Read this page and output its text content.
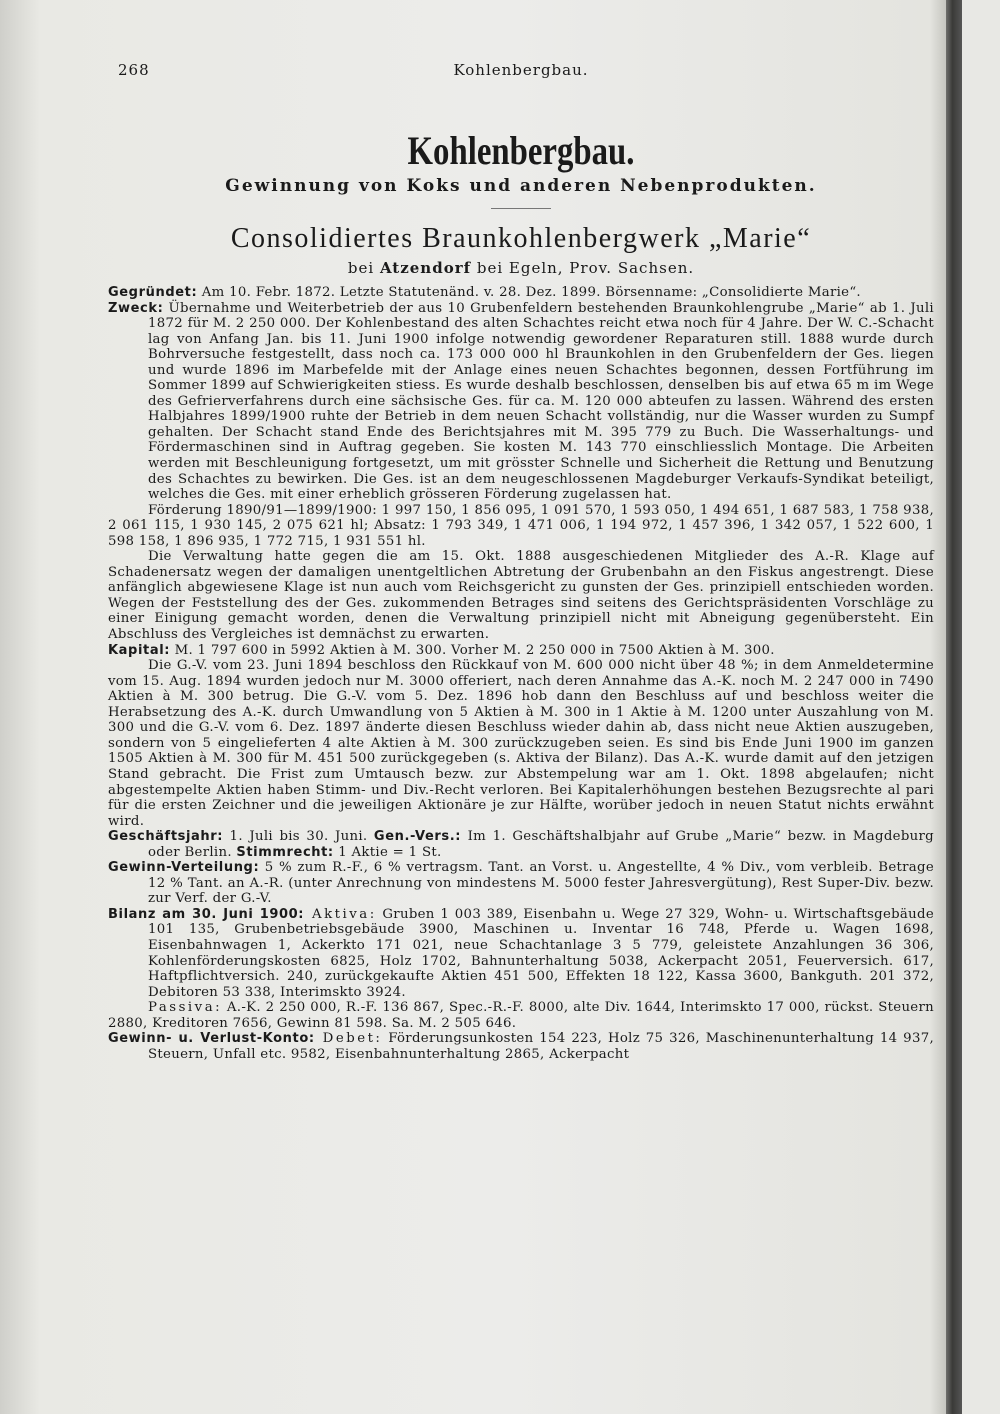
268	Kohlenbergbau.
Kohlenbergbau.
Gewinnung von Koks und anderen Nebenprodukten.
Consolidiertes Braunkohlenbergwerk „Marie“
bei Atzendorf bei Egeln, Prov. Sachsen.

Gegründet: Am 10. Febr. 1872. Letzte Statutenänd. v. 28. Dez. 1899. Börsenname: „Consolidierte Marie“.

Zweck: Übernahme und Weiterbetrieb der aus 10 Grubenfeldern bestehenden Braunkohlengrube „Marie“ ab 1. Juli 1872 für M. 2 250 000. Der Kohlenbestand des alten Schachtes reicht etwa noch für 4 Jahre. Der W. C.-Schacht lag von Anfang Jan. bis 11. Juni 1900 infolge notwendig gewordener Reparaturen still. 1888 wurde durch Bohrversuche festgestellt, dass noch ca. 173 000 000 hl Braunkohlen in den Grubenfeldern der Ges. liegen und wurde 1896 im Marbefelde mit der Anlage eines neuen Schachtes begonnen, dessen Fortführung im Sommer 1899 auf Schwierigkeiten stiess. Es wurde deshalb beschlossen, denselben bis auf etwa 65 m im Wege des Gefrierverfahrens durch eine sächsische Ges. für ca. M. 120 000 abteufen zu lassen. Während des ersten Halbjahres 1899/1900 ruhte der Betrieb in dem neuen Schacht vollständig, nur die Wasser wurden zu Sumpf gehalten. Der Schacht stand Ende des Berichtsjahres mit M. 395 779 zu Buch. Die Wasserhaltungs- und Fördermaschinen sind in Auftrag gegeben. Sie kosten M. 143 770 einschliesslich Montage. Die Arbeiten werden mit Beschleunigung fortgesetzt, um mit grösster Schnelle und Sicherheit die Rettung und Benutzung des Schachtes zu bewirken. Die Ges. ist an dem neugeschlossenen Magdeburger Verkaufs-Syndikat beteiligt, welches die Ges. mit einer erheblich grösseren Förderung zugelassen hat.

Förderung 1890/91—1899/1900: 1 997 150, 1 856 095, 1 091 570, 1 593 050, 1 494 651, 1 687 583, 1 758 938, 2 061 115, 1 930 145, 2 075 621 hl; Absatz: 1 793 349, 1 471 006, 1 194 972, 1 457 396, 1 342 057, 1 522 600, 1 598 158, 1 896 935, 1 772 715, 1 931 551 hl.

Die Verwaltung hatte gegen die am 15. Okt. 1888 ausgeschiedenen Mitglieder des A.-R. Klage auf Schadenersatz wegen der damaligen unentgeltlichen Abtretung der Grubenbahn an den Fiskus angestrengt. Diese anfänglich abgewiesene Klage ist nun auch vom Reichsgericht zu gunsten der Ges. prinzipiell entschieden worden. Wegen der Feststellung des der Ges. zukommenden Betrages sind seitens des Gerichtspräsidenten Vorschläge zu einer Einigung gemacht worden, denen die Verwaltung prinzipiell nicht mit Abneigung gegenübersteht. Ein Abschluss des Vergleiches ist demnächst zu erwarten.

Kapital: M. 1 797 600 in 5992 Aktien à M. 300. Vorher M. 2 250 000 in 7500 Aktien à M. 300.

Die G.-V. vom 23. Juni 1894 beschloss den Rückkauf von M. 600 000 nicht über 48 %; in dem Anmeldetermine vom 15. Aug. 1894 wurden jedoch nur M. 3000 offeriert, nach deren Annahme das A.-K. noch M. 2 247 000 in 7490 Aktien à M. 300 betrug. Die G.-V. vom 5. Dez. 1896 hob dann den Beschluss auf und beschloss weiter die Herabsetzung des A.-K. durch Umwandlung von 5 Aktien à M. 300 in 1 Aktie à M. 1200 unter Auszahlung von M. 300 und die G.-V. vom 6. Dez. 1897 änderte diesen Beschluss wieder dahin ab, dass nicht neue Aktien auszugeben, sondern von 5 eingelieferten 4 alte Aktien à M. 300 zurückzugeben seien. Es sind bis Ende Juni 1900 im ganzen 1505 Aktien à M. 300 für M. 451 500 zurückgegeben (s. Aktiva der Bilanz). Das A.-K. wurde damit auf den jetzigen Stand gebracht. Die Frist zum Umtausch bezw. zur Abstempelung war am 1. Okt. 1898 abgelaufen; nicht abgestempelte Aktien haben Stimm- und Div.-Recht verloren. Bei Kapitalerhöhungen bestehen Bezugsrechte al pari für die ersten Zeichner und die jeweiligen Aktionäre je zur Hälfte, worüber jedoch in neuen Statut nichts erwähnt wird.

Geschäftsjahr: 1. Juli bis 30. Juni. Gen.-Vers.: Im 1. Geschäftshalbjahr auf Grube „Marie“ bezw. in Magdeburg oder Berlin. Stimmrecht: 1 Aktie = 1 St.

Gewinn-Verteilung: 5 % zum R.-F., 6 % vertragsm. Tant. an Vorst. u. Angestellte, 4 % Div., vom verbleib. Betrage 12 % Tant. an A.-R. (unter Anrechnung von mindestens M. 5000 fester Jahresvergütung), Rest Super-Div. bezw. zur Verf. der G.-V.

Bilanz am 30. Juni 1900: Aktiva: Gruben 1 003 389, Eisenbahn u. Wege 27 329, Wohn- u. Wirtschaftsgebäude 101 135, Grubenbetriebsgebäude 3900, Maschinen u. Inventar 16 748, Pferde u. Wagen 1698, Eisenbahnwagen 1, Ackerkto 171 021, neue Schachtanlage 3 5 779, geleistete Anzahlungen 36 306, Kohlenförderungskosten 6825, Holz 1702, Bahnunterhaltung 5038, Ackerpacht 2051, Feuerversich. 617, Haftpflichtversich. 240, zurückgekaufte Aktien 451 500, Effekten 18 122, Kassa 3600, Bankguth. 201 372, Debitoren 53 338, Interimskto 3924.

Passiva: A.-K. 2 250 000, R.-F. 136 867, Spec.-R.-F. 8000, alte Div. 1644, Interimskto 17 000, rückst. Steuern 2880, Kreditoren 7656, Gewinn 81 598. Sa. M. 2 505 646.

Gewinn- u. Verlust-Konto: Debet: Förderungsunkosten 154 223, Holz 75 326, Maschinenunterhaltung 14 937, Steuern, Unfall etc. 9582, Eisenbahnunterhaltung 2865, Ackerpacht
